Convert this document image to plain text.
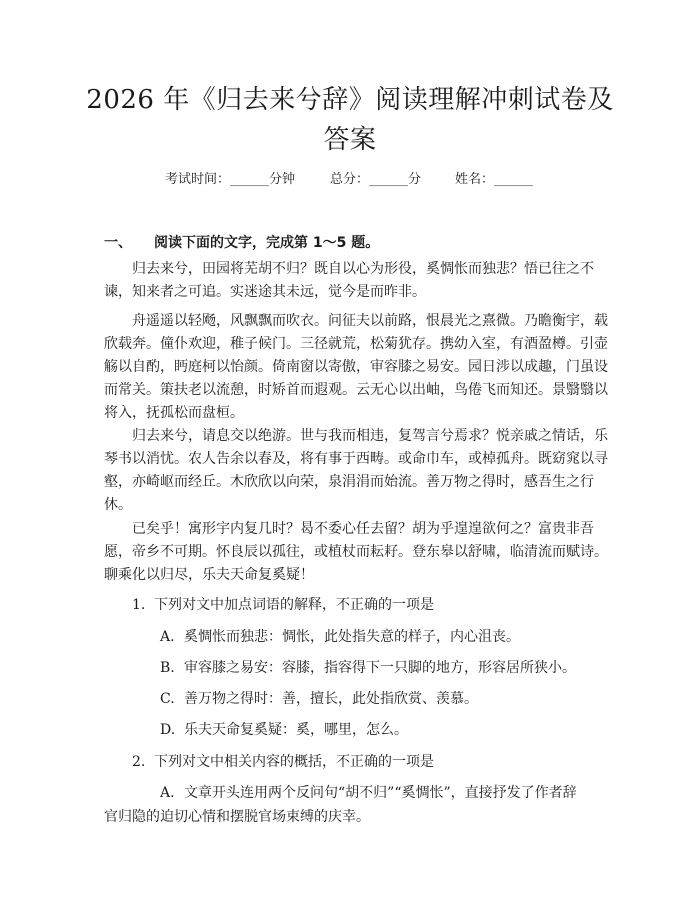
2026 年《归去来兮辞》阅读理解冲刺试卷及
答案
考试时间：______分钟	总分：______分	姓名：______
一、 阅读下面的文字，完成第 1～5 题。
归去来兮，田园将芜胡不归？既自以心为形役，奚惆怅而独悲？悟已往之不
谏，知来者之可追。实迷途其未远，觉今是而昨非。
舟遥遥以轻飏，风飘飘而吹衣。问征夫以前路，恨晨光之熹微。乃瞻衡宇，载
欣载奔。僮仆欢迎，稚子候门。三径就荒，松菊犹存。携幼入室，有酒盈樽。引壶
觞以自酌，眄庭柯以怡颜。倚南窗以寄傲，审容膝之易安。园日涉以成趣，门虽设
而常关。策扶老以流憩，时矫首而遐观。云无心以出岫，鸟倦飞而知还。景翳翳以
将入，抚孤松而盘桓。
归去来兮，请息交以绝游。世与我而相违，复驾言兮焉求？悦亲戚之情话，乐
琴书以消忧。农人告余以春及，将有事于西畴。或命巾车，或棹孤舟。既窈窕以寻
壑，亦崎岖而经丘。木欣欣以向荣，泉涓涓而始流。善万物之得时，感吾生之行
休。
已矣乎！寓形宇内复几时？曷不委心任去留？胡为乎遑遑欲何之？富贵非吾
愿，帝乡不可期。怀良辰以孤往，或植杖而耘耔。登东皋以舒啸，临清流而赋诗。
聊乘化以归尽，乐夫天命复奚疑！
1. 下列对文中加点词语的解释，不正确的一项是
A. 奚惆怅而独悲：惆怅，此处指失意的样子，内心沮丧。
B. 审容膝之易安：容膝，指容得下一只脚的地方，形容居所狭小。
C. 善万物之得时：善，擅长，此处指欣赏、羡慕。
D. 乐夫天命复奚疑：奚，哪里，怎么。
2. 下列对文中相关内容的概括，不正确的一项是
A. 文章开头连用两个反问句“胡不归”“奚惆怅”，直接抒发了作者辞
官归隐的迫切心情和摆脱官场束缚的庆幸。
